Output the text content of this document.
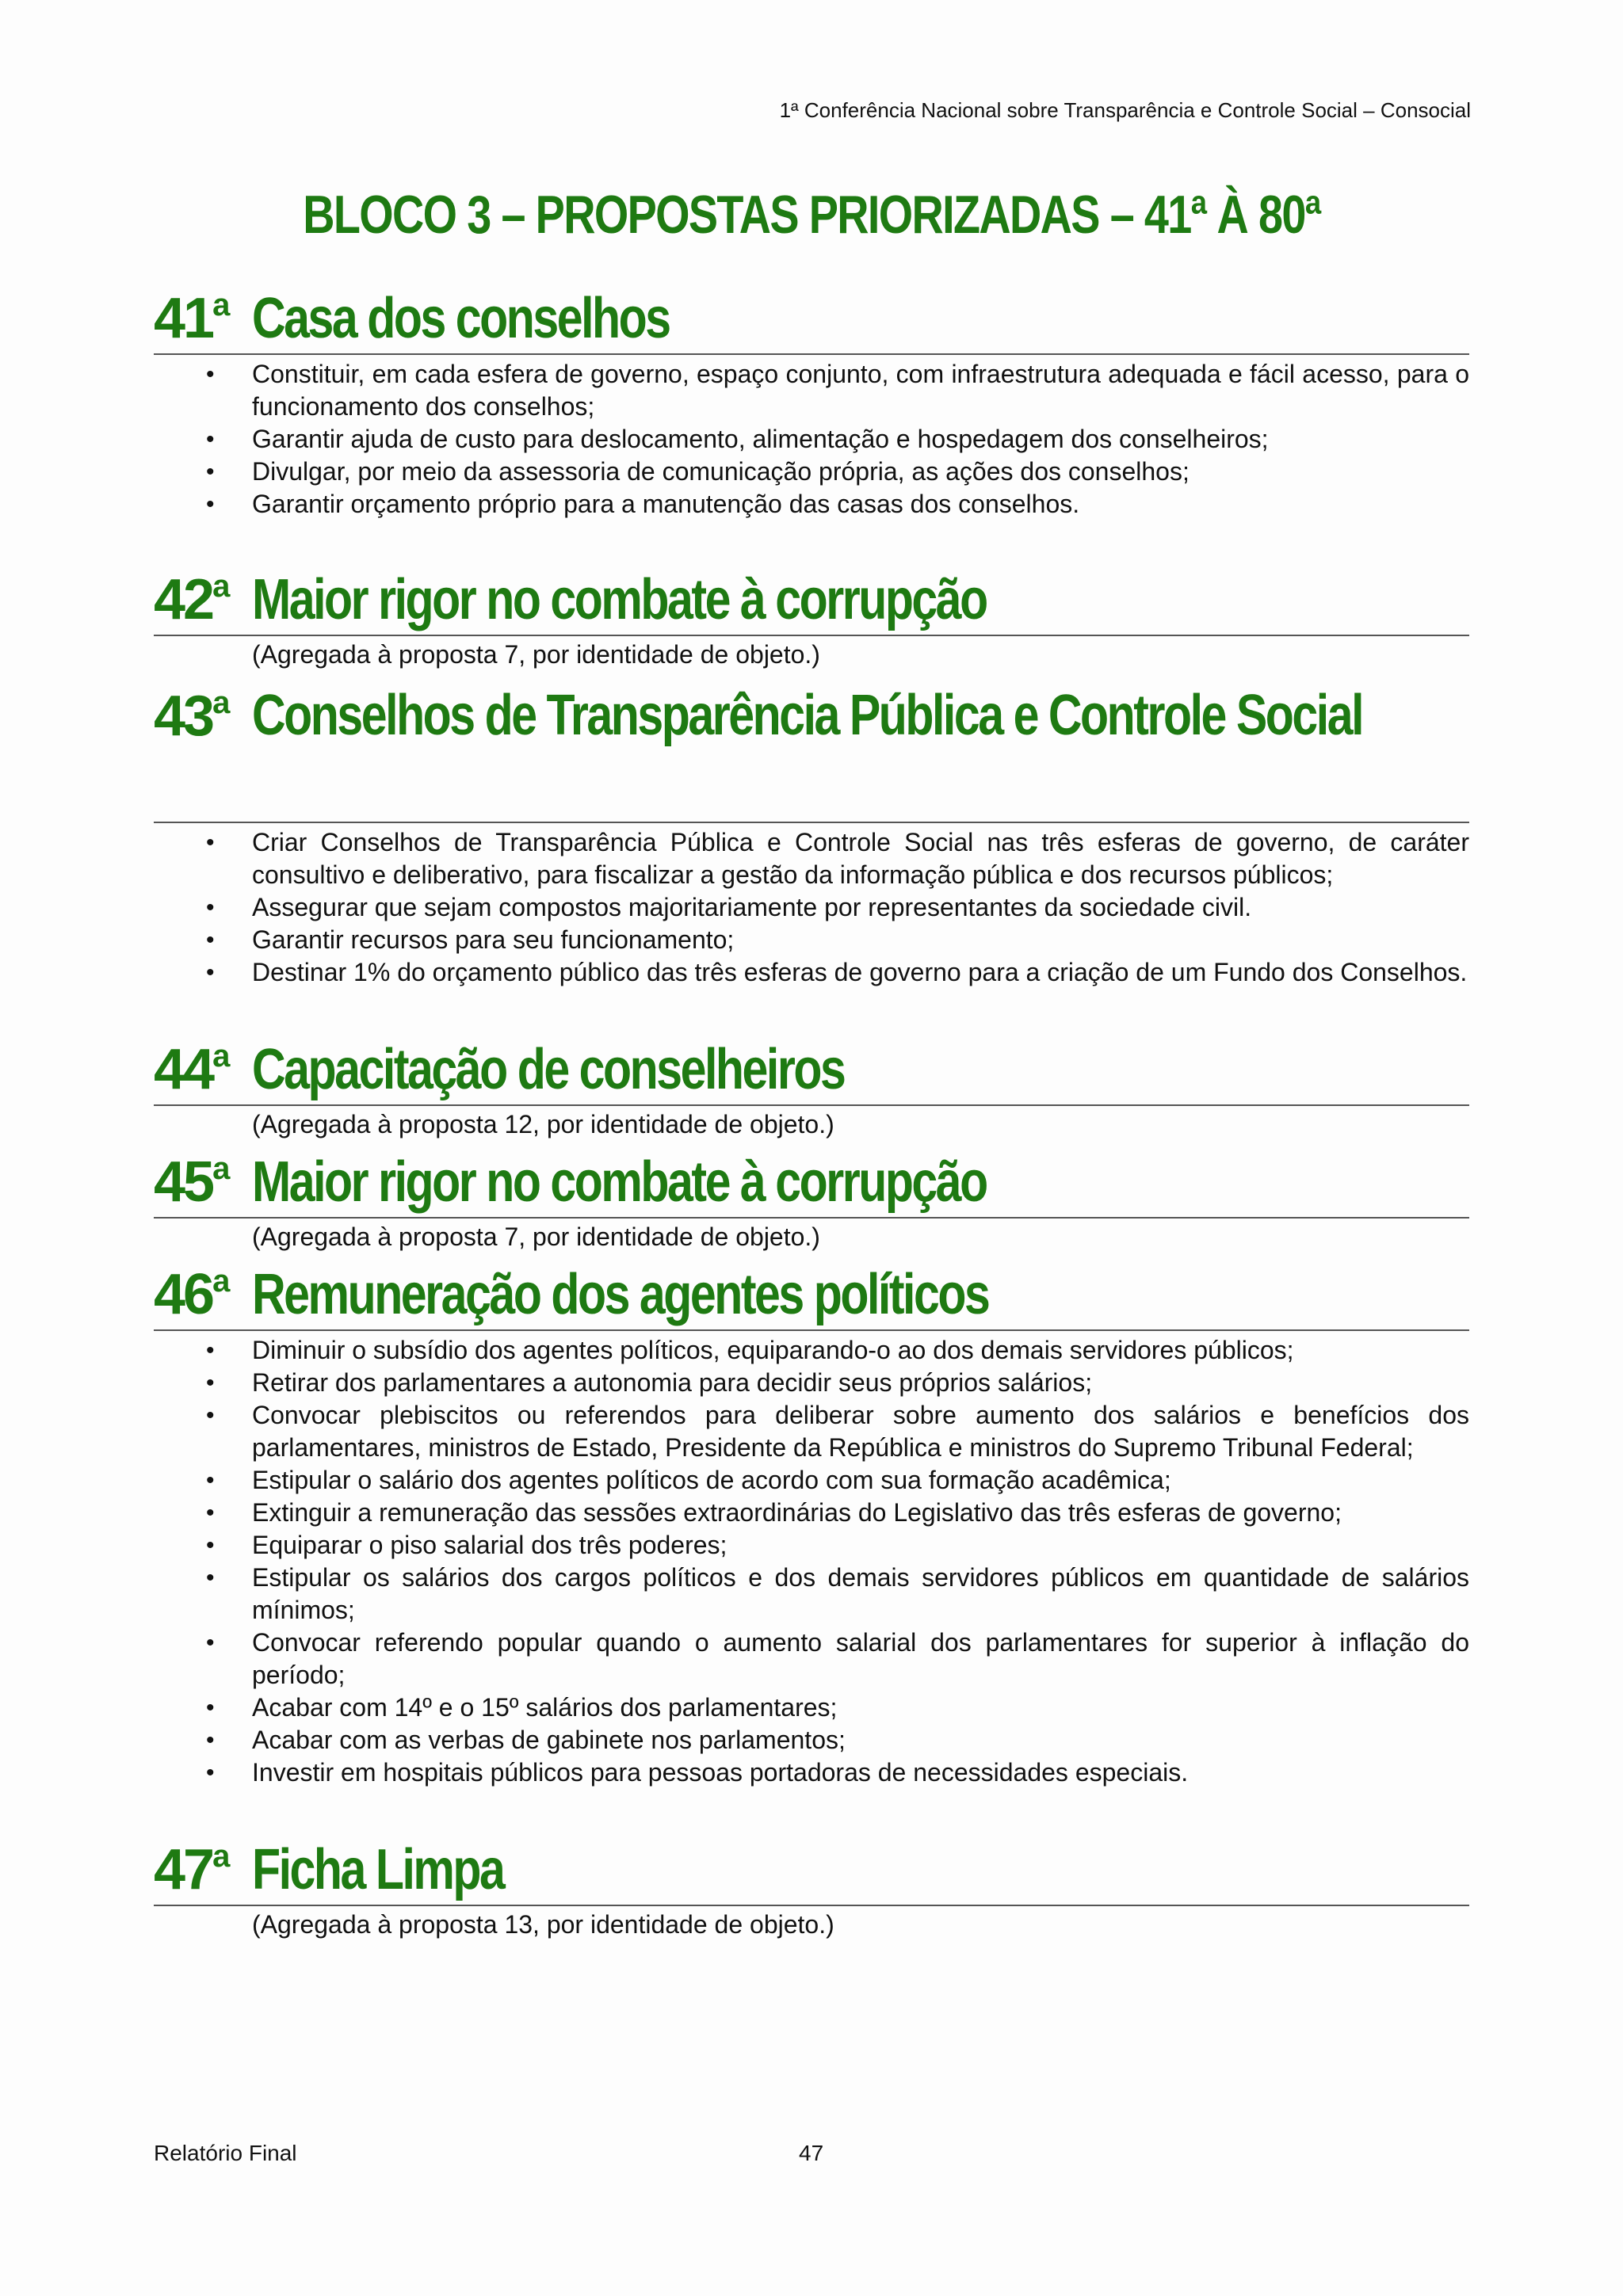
1ª Conferência Nacional sobre Transparência e Controle Social – Consocial
BLOCO 3 – PROPOSTAS PRIORIZADAS – 41ª À 80ª
41$^a$ Casa dos conselhos
• Constituir, em cada esfera de governo, espaço conjunto, com infraestrutura adequada e fácil acesso, para o funcionamento dos conselhos;
• Garantir ajuda de custo para deslocamento, alimentação e hospedagem dos conselheiros;
• Divulgar, por meio da assessoria de comunicação própria, as ações dos conselhos;
• Garantir orçamento próprio para a manutenção das casas dos conselhos.
42$^a$ Maior rigor no combate à corrupção
(Agregada à proposta 7, por identidade de objeto.)
43$^a$ Conselhos de Transparência Pública e Controle Social
• Criar Conselhos de Transparência Pública e Controle Social nas três esferas de governo, de caráter consultivo e deliberativo, para fiscalizar a gestão da informação pública e dos recursos públicos;
• Assegurar que sejam compostos majoritariamente por representantes da sociedade civil.
• Garantir recursos para seu funcionamento;
• Destinar 1% do orçamento público das três esferas de governo para a criação de um Fundo dos Conselhos.
44$^a$ Capacitação de conselheiros
(Agregada à proposta 12, por identidade de objeto.)
45$^a$ Maior rigor no combate à corrupção
(Agregada à proposta 7, por identidade de objeto.)
46$^a$ Remuneração dos agentes políticos
• Diminuir o subsídio dos agentes políticos, equiparando-o ao dos demais servidores públicos;
• Retirar dos parlamentares a autonomia para decidir seus próprios salários;
• Convocar plebiscitos ou referendos para deliberar sobre aumento dos salários e benefícios dos parlamentares, ministros de Estado, Presidente da República e ministros do Supremo Tribunal Federal;
• Estipular o salário dos agentes políticos de acordo com sua formação acadêmica;
• Extinguir a remuneração das sessões extraordinárias do Legislativo das três esferas de governo;
• Equiparar o piso salarial dos três poderes;
• Estipular os salários dos cargos políticos e dos demais servidores públicos em quantidade de salários mínimos;
• Convocar referendo popular quando o aumento salarial dos parlamentares for superior à inflação do período;
• Acabar com 14º e o 15º salários dos parlamentares;
• Acabar com as verbas de gabinete nos parlamentos;
• Investir em hospitais públicos para pessoas portadoras de necessidades especiais.
47$^a$ Ficha Limpa
(Agregada à proposta 13, por identidade de objeto.)
Relatório Final	47
